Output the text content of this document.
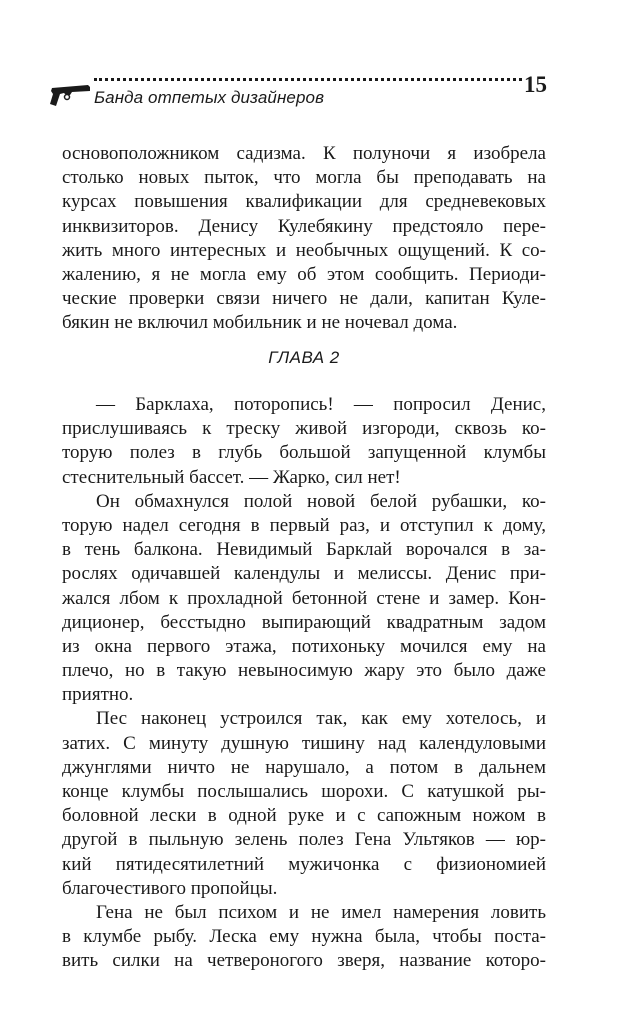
Банда отпетых дизайнеров
15
основоположником садизма. К полуночи я изобрела
столько новых пыток, что могла бы преподавать на
курсах повышения квалификации для средневековых
инквизиторов. Денису Кулебякину предстояло пере-
жить много интересных и необычных ощущений. К со-
жалению, я не могла ему об этом сообщить. Периоди-
ческие проверки связи ничего не дали, капитан Куле-
бякин не включил мобильник и не ночевал дома.
ГЛАВА 2
— Барклаха, поторопись! — попросил Денис,
прислушиваясь к треску живой изгороди, сквозь ко-
торую полез в глубь большой запущенной клумбы
стеснительный бассет. — Жарко, сил нет!
Он обмахнулся полой новой белой рубашки, ко-
торую надел сегодня в первый раз, и отступил к дому,
в тень балкона. Невидимый Барклай ворочался в за-
рослях одичавшей календулы и мелиссы. Денис при-
жался лбом к прохладной бетонной стене и замер. Кон-
диционер, бесстыдно выпирающий квадратным задом
из окна первого этажа, потихоньку мочился ему на
плечо, но в такую невыносимую жару это было даже
приятно.
Пес наконец устроился так, как ему хотелось, и
затих. С минуту душную тишину над календуловыми
джунглями ничто не нарушало, а потом в дальнем
конце клумбы послышались шорохи. С катушкой ры-
боловной лески в одной руке и с сапожным ножом в
другой в пыльную зелень полез Гена Ультяков — юр-
кий пятидесятилетний мужичонка с физиономией
благочестивого пропойцы.
Гена не был психом и не имел намерения ловить
в клумбе рыбу. Леска ему нужна была, чтобы поста-
вить силки на четвероногого зверя, название которо-
